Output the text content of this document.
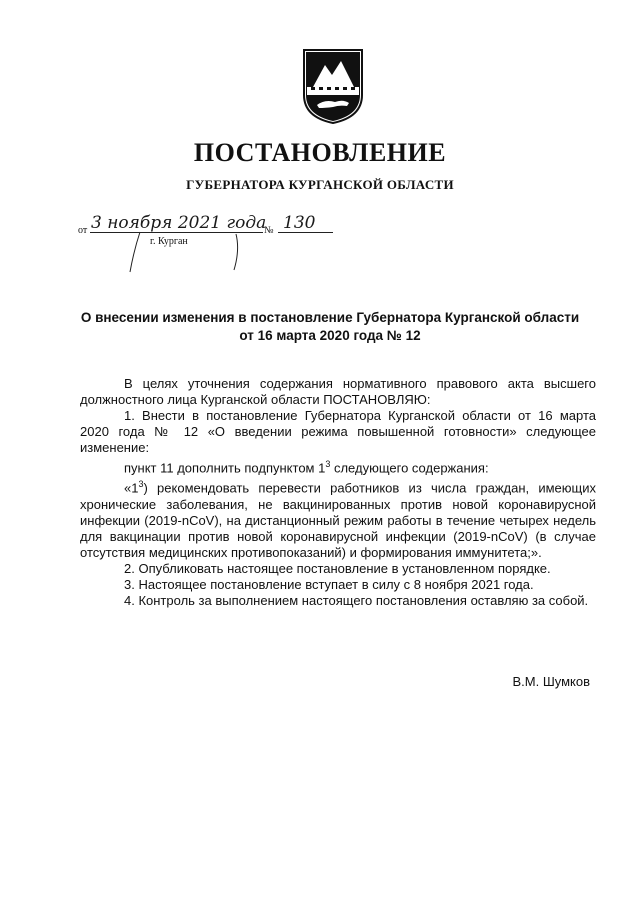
ПОСТАНОВЛЕНИЕ
ГУБЕРНАТОРА КУРГАНСКОЙ ОБЛАСТИ
от 3 ноября 2021 года
№ 130
г. Курган
О внесении изменения в постановление Губернатора Курганской области
от 16 марта 2020 года № 12

В целях уточнения содержания нормативного правового акта высшего должностного лица Курганской области ПОСТАНОВЛЯЮ:

1. Внести в постановление Губернатора Курганской области от 16 марта 2020 года № 12 «О введении режима повышенной готовности» следующее изменение:

пункт 11 дополнить подпунктом $1^3$ следующего содержания:

«$1^3$) рекомендовать перевести работников из числа граждан, имеющих хронические заболевания, не вакцинированных против новой коронавирусной инфекции (2019-nCoV), на дистанционный режим работы в течение четырех недель для вакцинации против новой коронавирусной инфекции (2019-nCoV) (в случае отсутствия медицинских противопоказаний) и формирования иммунитета;».

2. Опубликовать настоящее постановление в установленном порядке.

3. Настоящее постановление вступает в силу с 8 ноября 2021 года.

4. Контроль за выполнением настоящего постановления оставляю за собой.

В.М. Шумков
